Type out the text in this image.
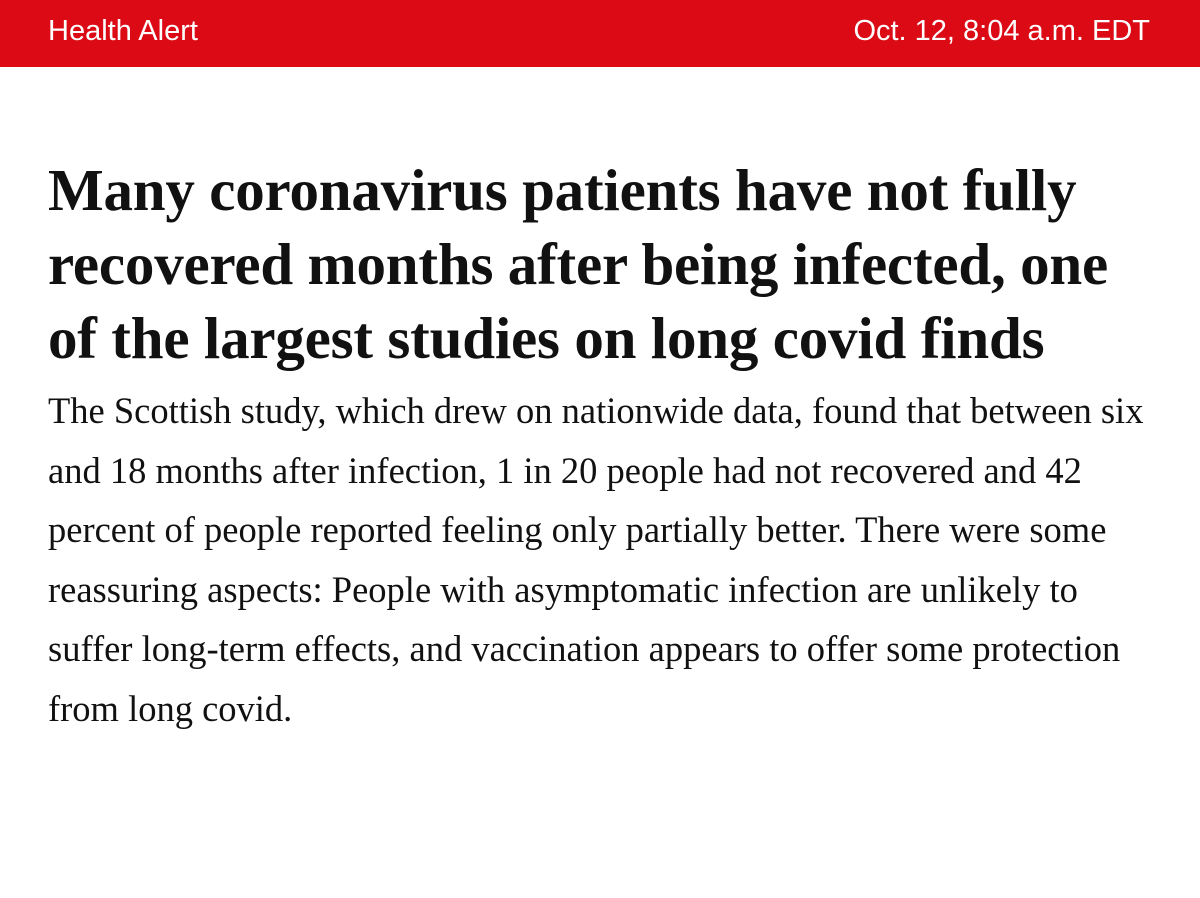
Health Alert	Oct. 12, 8:04 a.m. EDT
Many coronavirus patients have not fully recovered months after being infected, one of the largest studies on long covid finds

The Scottish study, which drew on nationwide data, found that between six and 18 months after infection, 1 in 20 people had not recovered and 42 percent of people reported feeling only partially better. There were some reassuring aspects: People with asymptomatic infection are unlikely to suffer long-term effects, and vaccination appears to offer some protection from long covid.
